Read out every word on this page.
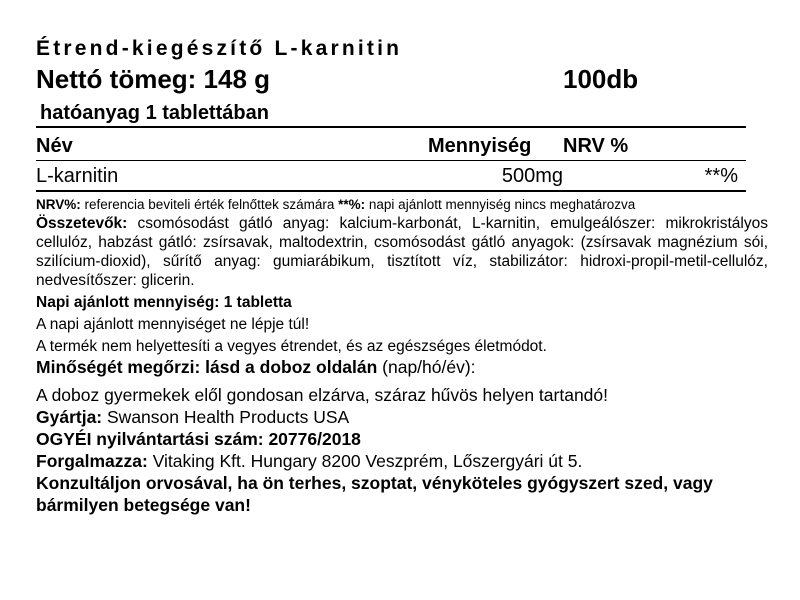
Étrend-kiegészítő L-karnitin

Nettó tömeg: 148 g	100db
hatóanyag 1 tablettában
Név	Mennyiség	NRV %
L-karnitin	500mg	**%
NRV%: referencia beviteli érték felnőttek számára **%: napi ajánlott mennyiség nincs meghatározva
Összetevők: csomósodást gátló anyag: kalcium-karbonát, L-karnitin, emulgeálószer: mikrokristályos cellulóz, habzást gátló: zsírsavak, maltodextrin, csomósodást gátló anyagok: (zsírsavak magnézium sói, szilícium-dioxid), sűrítő anyag: gumiarábikum, tisztított víz, stabilizátor: hidroxi-propil-metil-cellulóz, nedvesítőszer: glicerin.
Napi ajánlott mennyiség: 1 tabletta
A napi ajánlott mennyiséget ne lépje túl!
A termék nem helyettesíti a vegyes étrendet, és az egészséges életmódot.
Minőségét megőrzi: lásd a doboz oldalán (nap/hó/év):
A doboz gyermekek elől gondosan elzárva, száraz hűvös helyen tartandó!
Gyártja: Swanson Health Products USA
OGYÉI nyilvántartási szám: 20776/2018
Forgalmazza: Vitaking Kft. Hungary 8200 Veszprém, Lőszergyári út 5.
Konzultáljon orvosával, ha ön terhes, szoptat, vényköteles gyógyszert szed, vagy bármilyen betegsége van!
